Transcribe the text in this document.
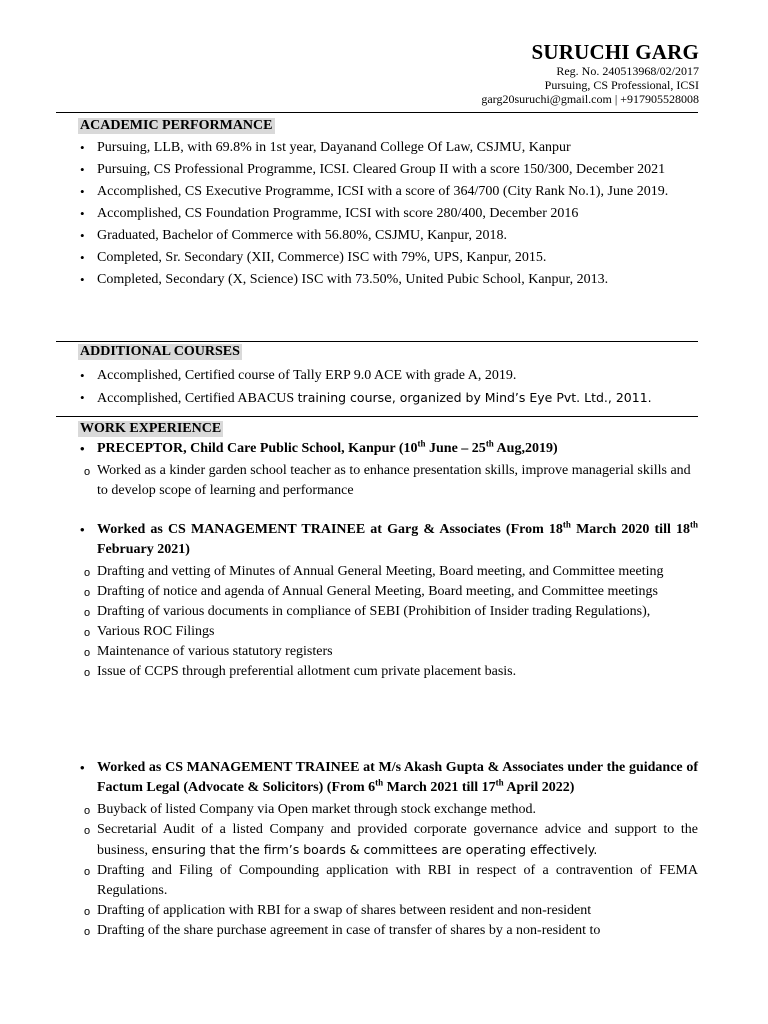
SURUCHI GARG
Reg. No. 240513968/02/2017
Pursuing, CS Professional, ICSI
garg20suruchi@gmail.com | +917905528008
ACADEMIC PERFORMANCE
• Pursuing, LLB, with 69.8% in 1st year, Dayanand College Of Law, CSJMU, Kanpur
• Pursuing, CS Professional Programme, ICSI. Cleared Group II with a score 150/300, December 2021
• Accomplished, CS Executive Programme, ICSI with a score of 364/700 (City Rank No.1), June 2019.
• Accomplished, CS Foundation Programme, ICSI with score 280/400, December 2016
• Graduated, Bachelor of Commerce with 56.80%, CSJMU, Kanpur, 2018.
• Completed, Sr. Secondary (XII, Commerce) ISC with 79%, UPS, Kanpur, 2015.
• Completed, Secondary (X, Science) ISC with 73.50%, United Pubic School, Kanpur, 2013.
ADDITIONAL COURSES
• Accomplished, Certified course of Tally ERP 9.0 ACE with grade A, 2019.
• Accomplished, Certified ABACUS training course, organized by Mind’s Eye Pvt. Ltd., 2011.
WORK EXPERIENCE
• PRECEPTOR, Child Care Public School, Kanpur (10th June – 25th Aug,2019)
o Worked as a kinder garden school teacher as to enhance presentation skills, improve managerial skills and to develop scope of learning and performance
• Worked as CS MANAGEMENT TRAINEE at Garg & Associates (From 18th March 2020 till 18th February 2021)
o Drafting and vetting of Minutes of Annual General Meeting, Board meeting, and Committee meeting
o Drafting of notice and agenda of Annual General Meeting, Board meeting, and Committee meetings
o Drafting of various documents in compliance of SEBI (Prohibition of Insider trading Regulations),
o Various ROC Filings
o Maintenance of various statutory registers
o Issue of CCPS through preferential allotment cum private placement basis.
• Worked as CS MANAGEMENT TRAINEE at M/s Akash Gupta & Associates under the guidance of Factum Legal (Advocate & Solicitors) (From 6th March 2021 till 17th April 2022)
o Buyback of listed Company via Open market through stock exchange method.
o Secretarial Audit of a listed Company and provided corporate governance advice and support to the business, ensuring that the firm’s boards & committees are operating effectively.
o Drafting and Filing of Compounding application with RBI in respect of a contravention of FEMA Regulations.
o Drafting of application with RBI for a swap of shares between resident and non-resident
o Drafting of the share purchase agreement in case of transfer of shares by a non-resident to
